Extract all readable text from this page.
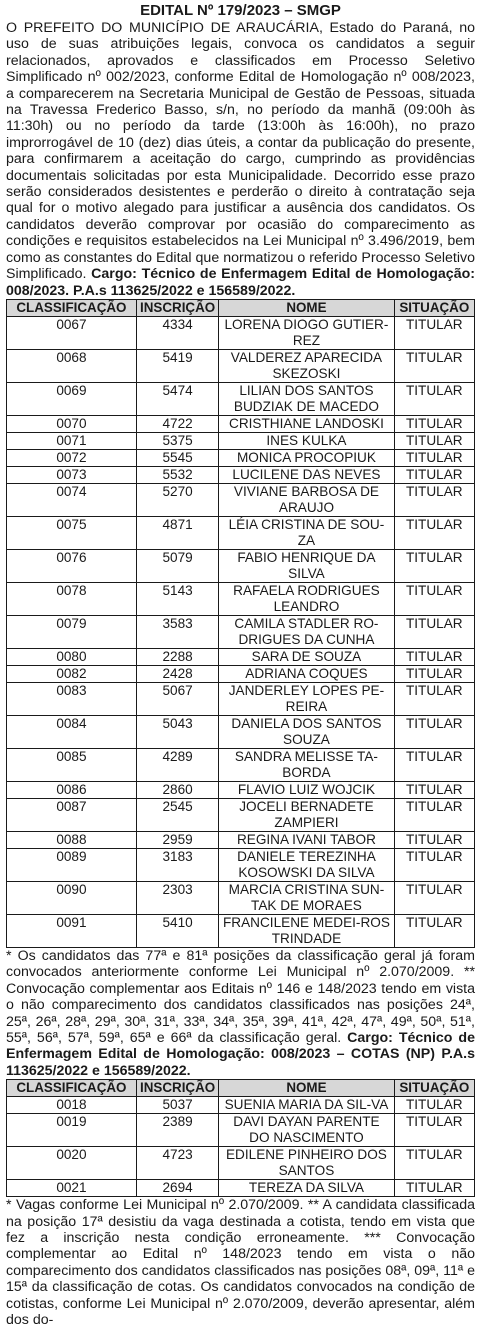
EDITAL Nº 179/2023 – SMGP

O PREFEITO DO MUNICÍPIO DE ARAUCÁRIA, Estado do Paraná, no uso de suas atribuições legais, convoca os candidatos a seguir relacionados, aprovados e classificados em Processo Seletivo Simplificado nº 002/2023, conforme Edital de Homologação nº 008/2023, a comparecerem na Secretaria Municipal de Gestão de Pessoas, situada na Travessa Frederico Basso, s/n, no período da manhã (09:00h às 11:30h) ou no período da tarde (13:00h às 16:00h), no prazo improrrogável de 10 (dez) dias úteis, a contar da publicação do presente, para confirmarem a aceitação do cargo, cumprindo as providências documentais solicitadas por esta Municipalidade. Decorrido esse prazo serão considerados desistentes e perderão o direito à contratação seja qual for o motivo alegado para justificar a ausência dos candidatos. Os candidatos deverão comprovar por ocasião do comparecimento as condições e requisitos estabelecidos na Lei Municipal nº 3.496/2019, bem como as constantes do Edital que normatizou o referido Processo Seletivo Simplificado. Cargo: Técnico de Enfermagem Edital de Homologação: 008/2023. P.A.s 113625/2022 e 156589/2022.

CLASSIFICAÇÃO	INSCRIÇÃO	NOME	SITUAÇÃO
0067	4334	LORENA DIOGO GUTIER-REZ	TITULAR
0068	5419	VALDEREZ APARECIDA SKEZOSKI	TITULAR
0069	5474	LILIAN DOS SANTOS BUDZIAK DE MACEDO	TITULAR
0070	4722	CRISTHIANE LANDOSKI	TITULAR
0071	5375	INES KULKA	TITULAR
0072	5545	MONICA PROCOPIUK	TITULAR
0073	5532	LUCILENE DAS NEVES	TITULAR
0074	5270	VIVIANE BARBOSA DE ARAUJO	TITULAR
0075	4871	LÉIA CRISTINA DE SOU-ZA	TITULAR
0076	5079	FABIO HENRIQUE DA SILVA	TITULAR
0078	5143	RAFAELA RODRIGUES LEANDRO	TITULAR
0079	3583	CAMILA STADLER RO-DRIGUES DA CUNHA	TITULAR
0080	2288	SARA DE SOUZA	TITULAR
0082	2428	ADRIANA COQUES	TITULAR
0083	5067	JANDERLEY LOPES PE-REIRA	TITULAR
0084	5043	DANIELA DOS SANTOS SOUZA	TITULAR
0085	4289	SANDRA MELISSE TA-BORDA	TITULAR
0086	2860	FLAVIO LUIZ WOJCIK	TITULAR
0087	2545	JOCELI BERNADETE ZAMPIERI	TITULAR
0088	2959	REGINA IVANI TABOR	TITULAR
0089	3183	DANIELE TEREZINHA KOSOWSKI DA SILVA	TITULAR
0090	2303	MARCIA CRISTINA SUN-TAK DE MORAES	TITULAR
0091	5410	FRANCILENE MEDEI-ROS TRINDADE	TITULAR

* Os candidatos das 77ª e 81ª posições da classificação geral já foram convocados anteriormente conforme Lei Municipal nº 2.070/2009. ** Convocação complementar aos Editais nº 146 e 148/2023 tendo em vista o não comparecimento dos candidatos classificados nas posições 24ª, 25ª, 26ª, 28ª, 29ª, 30ª, 31ª, 33ª, 34ª, 35ª, 39ª, 41ª, 42ª, 47ª, 49ª, 50ª, 51ª, 55ª, 56ª, 57ª, 59ª, 65ª e 66ª da classificação geral. Cargo: Técnico de Enfermagem Edital de Homologação: 008/2023 – COTAS (NP) P.A.s 113625/2022 e 156589/2022.

CLASSIFICAÇÃO	INSCRIÇÃO	NOME	SITUAÇÃO
0018	5037	SUENIA MARIA DA SIL-VA	TITULAR
0019	2389	DAVI DAYAN PARENTE DO NASCIMENTO	TITULAR
0020	4723	EDILENE PINHEIRO DOS SANTOS	TITULAR
0021	2694	TEREZA DA SILVA	TITULAR

* Vagas conforme Lei Municipal nº 2.070/2009. ** A candidata classificada na posição 17ª desistiu da vaga destinada a cotista, tendo em vista que fez a inscrição nesta condição erroneamente. *** Convocação complementar ao Edital nº 148/2023 tendo em vista o não comparecimento dos candidatos classificados nas posições 08ª, 09ª, 11ª e 15ª da classificação de cotas. Os candidatos convocados na condição de cotistas, conforme Lei Municipal nº 2.070/2009, deverão apresentar, além dos do-
